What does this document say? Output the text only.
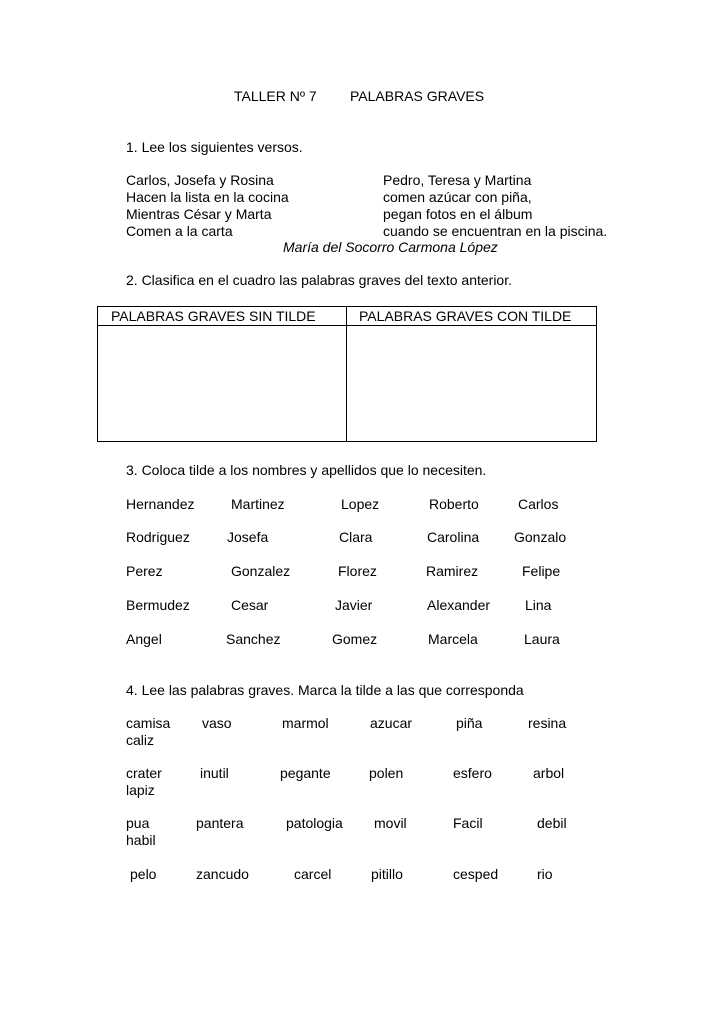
TALLER Nº 7 PALABRAS GRAVES
1. Lee los siguientes versos.
Carlos, Josefa y Rosina
Hacen la lista en la cocina
Mientras César y Marta
Comen a la carta
Pedro, Teresa y Martina
comen azúcar con piña,
pegan fotos en el álbum
cuando se encuentran en la piscina.
María del Socorro Carmona López
2. Clasifica en el cuadro las palabras graves del texto anterior.
PALABRAS GRAVES SIN TILDE	PALABRAS GRAVES CON TILDE
3. Coloca tilde a los nombres y apellidos que lo necesiten.
Hernandez	Martinez	Lopez	Roberto	Carlos
Rodriguez	Josefa	Clara	Carolina Gonzalo
Perez	Gonzalez	Florez	Ramirez	Felipe
Bermudez	Cesar	Javier	Alexander Lina
Angel	Sanchez	Gomez	Marcela	Laura
4. Lee las palabras graves. Marca la tilde a las que corresponda
camisa vaso	marmol	azucar	piña	resina
caliz
crater	inutil	pegante	polen	esfero	arbol
lapiz
pua	pantera	patologia movil	Facil	debil
habil
pelo	zancudo	carcel	pitillo	cesped	rio
